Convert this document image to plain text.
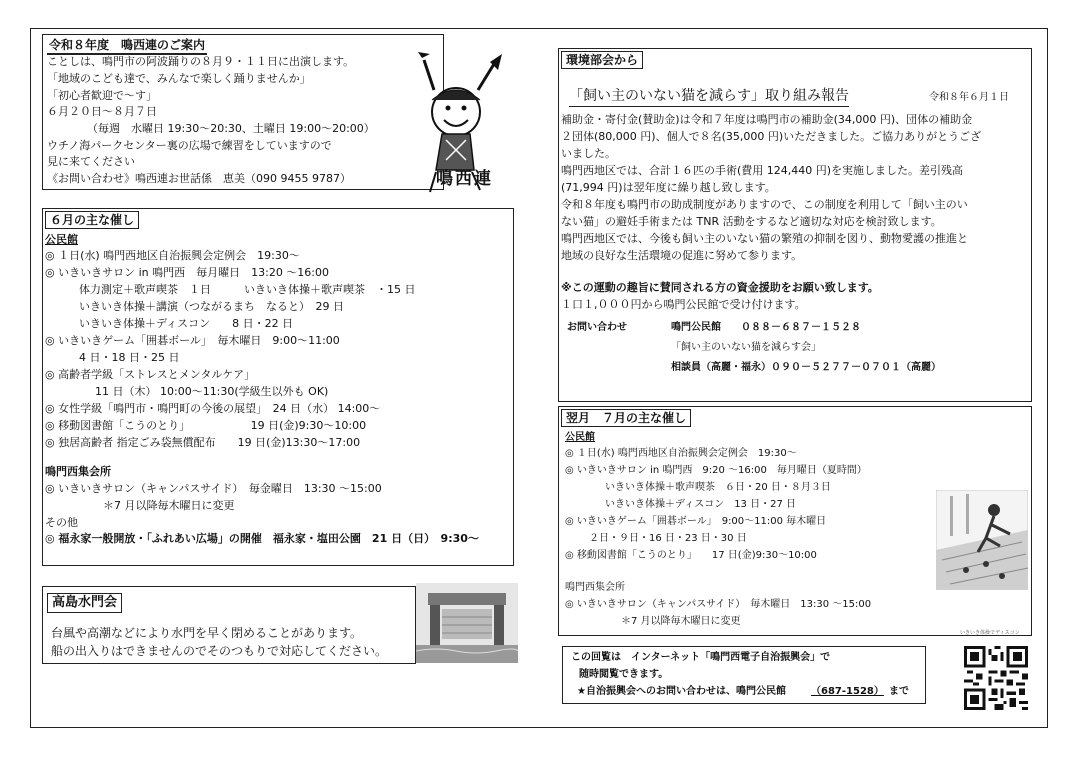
令和８年度　鳴西連のご案内
ことしは、鳴門市の阿波踊りの８月９・１１日に出演します。
「地域のこども達で、みんなで楽しく踊りませんか」
「初心者歓迎で～す」
６月２０日～８月７日
（毎週　水曜日 19:30～20:30、土曜日 19:00～20:00）
ウチノ海パークセンター裏の広場で練習をしていますので
見に来てください
《お問い合わせ》鳴西連お世話係　恵美（090 9455 9787）	鳴西連
６月の主な催し
公民館
◎ １日(水) 鳴門西地区自治振興会定例会　19:30～
◎ いきいきサロン in 鳴門西　毎月曜日　13:20 ～16:00
体力測定＋歌声喫茶　１日　　　いきいき体操＋歌声喫茶　・15 日
いきいき体操＋講演（つながるまち　なると）　29 日
いきいき体操＋ディスコン　　8 日・22 日
◎ いきいきゲーム「囲碁ボール」　毎木曜日　9:00～11:00
4 日・18 日・25 日
◎ 高齢者学級「ストレスとメンタルケア」
11 日（木） 10:00～11:30(学級生以外も OK)
◎ 女性学級「鳴門市・鳴門町の今後の展望」　24 日（水） 14:00～
◎ 移動図書館「こうのとり」　　　　　　19 日(金)9:30～10:00
◎ 独居高齢者 指定ごみ袋無償配布　　19 日(金)13:30～17:00
鳴門西集会所
◎ いきいきサロン（キャンパスサイド）　毎金曜日　13:30 ～15:00
＊7 月以降毎木曜日に変更
その他
◎ 福永家一般開放・「ふれあい広場」の開催　福永家・塩田公園　21 日（日）　9:30～
高島水門会
台風や高潮などにより水門を早く閉めることがあります。
船の出入りはできませんのでそのつもりで対応してください。
環境部会から
「飼い主のいない猫を減らす」取り組み報告	令和８年６月１日
補助金・寄付金(賛助金)は令和７年度は鳴門市の補助金(34,000 円)、団体の補助金
２団体(80,000 円)、個人で８名(35,000 円)いただきました。ご協力ありがとうござ
いました。
鳴門西地区では、合計１６匹の手術(費用 124,440 円)を実施しました。差引残高
(71,994 円)は翌年度に繰り越し致します。
令和８年度も鳴門市の助成制度がありますので、この制度を利用して「飼い主のい
ない猫」の避妊手術または TNR 活動をするなど適切な対応を検討致します。
鳴門西地区では、今後も飼い主のいない猫の繁殖の抑制を図り、動物愛護の推進と
地域の良好な生活環境の促進に努めて参ります。
※この運動の趣旨に賛同される方の資金援助をお願い致します。
１口１,０００円から鳴門公民館で受け付けます。
お問い合わせ	鳴門公民館　　０８８－６８７－１５２８
「飼い主のいない猫を減らす会」
相談員（高麗・福永）０９０－５２７７－０７０１（高麗）
翌月　７月の主な催し
公民館
◎ １日(水) 鳴門西地区自治振興会定例会　19:30～
◎ いきいきサロン in 鳴門西　9:20 ～16:00　毎月曜日（夏時間）
いきいき体操＋歌声喫茶　６日・20 日・８月３日
いきいき体操＋ディスコン　13 日・27 日
◎ いきいきゲーム「囲碁ボール」　9:00～11:00 毎木曜日
２日・９日・16 日・23 日・30 日
◎ 移動図書館「こうのとり」　　17 日(金)9:30～10:00
鳴門西集会所
◎ いきいきサロン（キャンパスサイド）　毎木曜日　13:30 ～15:00
＊7 月以降毎木曜日に変更
いきいき体操でディスコン
この回覧は　インターネット「鳴門西電子自治振興会」で
随時閲覧できます。
★自治振興会へのお問い合わせは、鳴門公民館	（687-1528） まで
